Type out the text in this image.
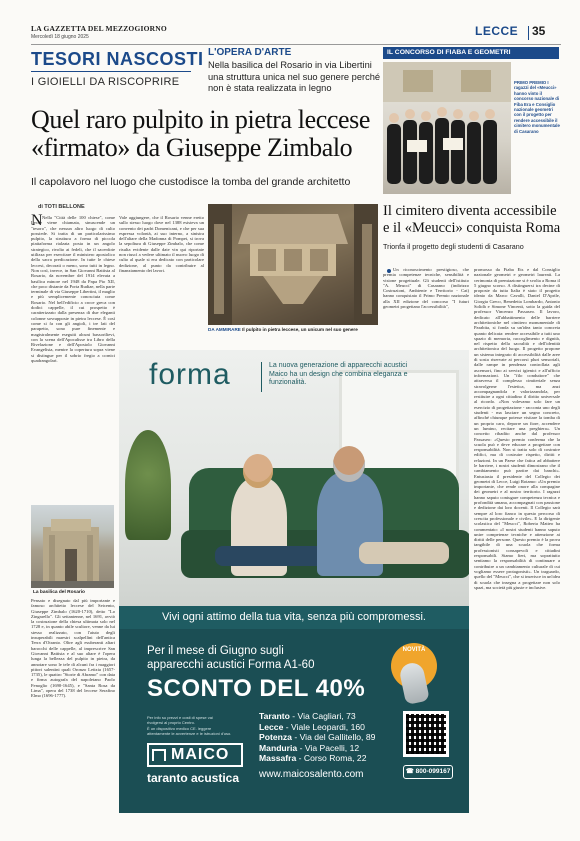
LA GAZZETTA DEL MEZZOGIORNO
Mercoledì 18 giugno 2025	LECCE 35
TESORI NASCOSTI
I GIOIELLI DA RISCOPRIRE
L'OPERA D'ARTE
Nella basilica del Rosario in via Libertini una struttura unica nel suo genere perché non è stata realizzata in legno
Quel raro pulpito in pietra leccese «firmato» da Giuseppe Zimbalo
Il capolavoro nel luogo che custodisce la tomba del grande architetto
di TOTI BELLONE
N Nella "Città delle 100 chiese", come Lecce viene chiamata, sinuscende un "tesoro", che nessun altro luogo di culto possiede. Si tratta di un particolarissimo pulpito, la struttura a forma di piccola piattaforma rialzata posta in un angolo strategico, rivolto ai fedeli, che il sacerdote utilizza per esercitare il ministero apostolico della sacra predicazione. In tutte le chiese leccesi, decorati o meno, sono tutti in legno. Non così, invece, in San Giovanni Battista al Rosario, da novembre del 1914 elevata a basilica minore nel 1948 da Papa Pio XII, che poco distante da Porta Rudiae, nella parte terminale di via Giuseppe Libertini, il maglio e più semplicemente conosciuta come Rosario. Nel bell'edificio a croce greca con dodici cappelle, il cui prospetto è caratterizzato dalla presenza di due eleganti colonne sovrapposte in pietra leccese. È così come si fa con gli angioli, i tre lati del parapetto, sono pure finemente e magistralmente eseguiti alcuni bassorilievi, con la scena dell'Apocalisse tra Libro della Rivelazione e dell'Apostolo Giovanni Evangelista, mentre la copertura sopra viene si distingue per il sobrio fregio a cornici quadrangolari.
La basilica del Rosario
Pensato e disegnato dal più importante e famoso architetto leccese del Seicento, Giuseppe Zimbalo (1620-1710), detto "Lo Zingarello". Gli settantenne, nel 1691, avviò la costruzione della chiesa ultimata solo nel 1728 e, in quanto abile scultore, venne da lui stesso realizzato, con l'aiuto degli insuperabili maestri scalpellini dell'antica Terra d'Otranto. Oltre agli esuberanti altari barocchi delle cappelle, al imprescrive San Giovanni Battista e al suo altare è l'opera lunga la bellezza del pulpito in pietra, da annotare sono le tele di alcuni fra i maggiori pittori salentini quali Oronzo Letizia (1657-1735), le quattro "Storie di Abramo" con data e firma autografa del napoletano Paolo Fenoglio (1690-1645), e "Santa Rosa da Lima", opera del 1738 del leccese Serafino Elmo (1696-1777).
Vale aggiungere, che il Rosario venne eretto sullo stesso luogo dove nel 1388 esisteva un convento dei padri Domenicani, e che per sua espressa volontà, ai suo interno, a sinistra dell'altare della Madonna di Pompei, si trova la sepoltura di Giuseppe Zimbalo, che come risulta evidente dalle date vin qui riportate non riuscì a vedere ultimato il nuovo luogo di culto al quale si era dedicato con particolare dedizione, al punto da contribuire al finanziamento dei lavori.
DA AMMIRARE Il pulpito in pietra leccese, un unicum nel suo genere
IL CONCORSO DI FIABA E GEOMETRI
PRIMO PREMIO I ragazzi del «Meucci» hanno vinto il concorso nazionale di Fiba Era e Consiglio nazionale geometri con il progetto per rendere accessibile il cimitero monumentale di Casarano
Il cimitero diventa accessibile e il «Meucci» conquista Roma
Trionfa il progetto degli studenti di Casarano
Un riconoscimento prestigioso, che premia competenze tecniche, sensibilità e visione progettuale. Gli studenti dell'istituto "A. Meucci" di Casarano (indirizzo Costruzioni, Ambiente e Territorio - Cat) hanno conquistato il Primo Premio nazionale alla XII edizione del concorso "I futuri geometri progettano l'accessibilità",
promosso da Fiaba Ets e dal Consiglio nazionale geometri e geometri laureati. La cerimonia di premiazione si è svolta a Roma il 5 giugno scorso. A distinguersi tra decine di proposte da tutta Italia è stato il progetto ideato da Marco Cavalli, Daniel D'Aprile, Giorgia Greco, Benedetta Lombardo, Antonio Solidà e Simone Vincenti, sotto la guida del professor Vincenzo Passaseo. Il lavoro, dedicato all'abbattimento delle barriere architettoniche nel cimitero monumentale di Parabita, si fonda su un'idea tanto concreta quanto delicata: rendere accessibile a tutti uno spazio di memoria, raccoglimento e dignità, nel rispetto della sacralità e dell'identità architettonica del luogo. Il progetto propone un sistema integrato di accessibilità dalle aree di sosta riservate ai percorsi pluri sensoriali, dalle rampe in pendenza controllata agli ascensori, fino ai servizi igienici e all'ufficio informazioni. Un "filo conduttore" che attraversa il complesso cimiteriale senza stravolgerne l'estetica, ma anzi accompagnandola e valorizzandola, per restituire a ogni cittadino il diritto universale al ricordo. «Non volevamo solo fare un esercizio di progettazione - racconta uno degli studenti - ma lasciare un segno concreto, affinché chiunque potesse visitare la tomba di un proprio caro, deporre un fiore, accendere un lumino, recitare una preghiera». Un concetto ribadito anche dal professor Passaseo: «Questo premio conferma che la scuola può e deve educare a progettare con responsabilità. Non si tratta solo di costruire edifici, ma di costruire rispetto, diritti e relazioni. In un Paese che fatica ad abbattere le barriere, i nostri studenti dimostrano che il cambiamento può partire dai banchi». Entusiasta il presidente del Collegio dei geometri di Lecce, Luigi Rotamo: «Un premio importante, che rende onore alla compagine dei geometri e al nostro territorio. I ragazzi hanno saputo coniugare competenza tecnica e profondità umana, accompagnati con passione e dedizione dai loro docenti. Il Collegio sarà sempre al loro fianco in questo percorso di crescita professionale e civile». E la dirigente scolastica del "Meucci", Roberta Matteo ha commentato: «I nostri studenti hanno saputo unire competenze tecniche e attenzione ai diritti delle persone. Questo premio è la prova tangibile di una scuola che forma professionisti consapevoli e cittadini responsabili. Siamo fieri, ma soprattutto sentiamo la responsabilità di continuare a contribuire a un cambiamento culturale di cui vogliamo essere protagonisti». Un traguardo, quello del "Meucci", che si inserisce in un'idea di scuola che insegna a progettare non solo spazi, ma società più giuste e inclusive.
forma	La nuova generazione di apparecchi acustici Maico ha un design che combina eleganza e funzionalità.
Vivi ogni attimo della tua vita, senza più compromessi.
Per il mese di Giugno sugli
apparecchi acustici Forma A1-60
SCONTO DEL 40%
NOVITÀ
Per info su prezzi e costi di spese vai
rivolgersi al proprio Centro.
È un dispositivo medico CE. leggere
attentamente le avvertenze e le istruzioni d'uso.
MAICO
taranto acustica
Taranto - Via Cagliari, 73
Lecce - Viale Leopardi, 160
Potenza - Via del Gallitello, 89
Manduria - Via Pacelli, 12
Massafra - Corso Roma, 22
www.maicosalento.com	☎ 800-099167
